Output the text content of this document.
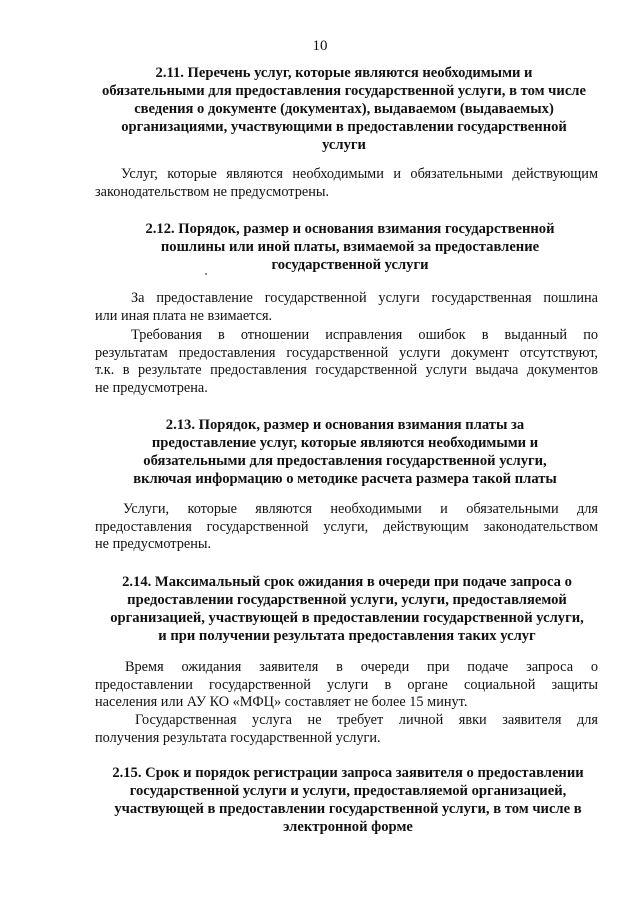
10
2.11. Перечень услуг, которые являются необходимыми и
обязательными для предоставления государственной услуги, в том числе
сведения о документе (документах), выдаваемом (выдаваемых)
организациями, участвующими в предоставлении государственной
услуги
Услуг, которые являются необходимыми и обязательными действующим
законодательством не предусмотрены.
2.12. Порядок, размер и основания взимания государственной
пошлины или иной платы, взимаемой за предоставление
государственной услуги
За предоставление государственной услуги государственная пошлина
или иная плата не взимается.
Требования в отношении исправления ошибок в выданный по
результатам предоставления государственной услуги документ отсутствуют,
т.к. в результате предоставления государственной услуги выдача документов
не предусмотрена.
2.13. Порядок, размер и основания взимания платы за
предоставление услуг, которые являются необходимыми и
обязательными для предоставления государственной услуги,
включая информацию о методике расчета размера такой платы
Услуги, которые являются необходимыми и обязательными для
предоставления государственной услуги, действующим законодательством
не предусмотрены.
2.14. Максимальный срок ожидания в очереди при подаче запроса о
предоставлении государственной услуги, услуги, предоставляемой
организацией, участвующей в предоставлении государственной услуги,
и при получении результата предоставления таких услуг
Время ожидания заявителя в очереди при подаче запроса о
предоставлении государственной услуги в органе социальной защиты
населения или АУ КО «МФЦ» составляет не более 15 минут.
Государственная услуга не требует личной явки заявителя для
получения результата государственной услуги.
2.15. Срок и порядок регистрации запроса заявителя о предоставлении
государственной услуги и услуги, предоставляемой организацией,
участвующей в предоставлении государственной услуги, в том числе в
электронной форме
